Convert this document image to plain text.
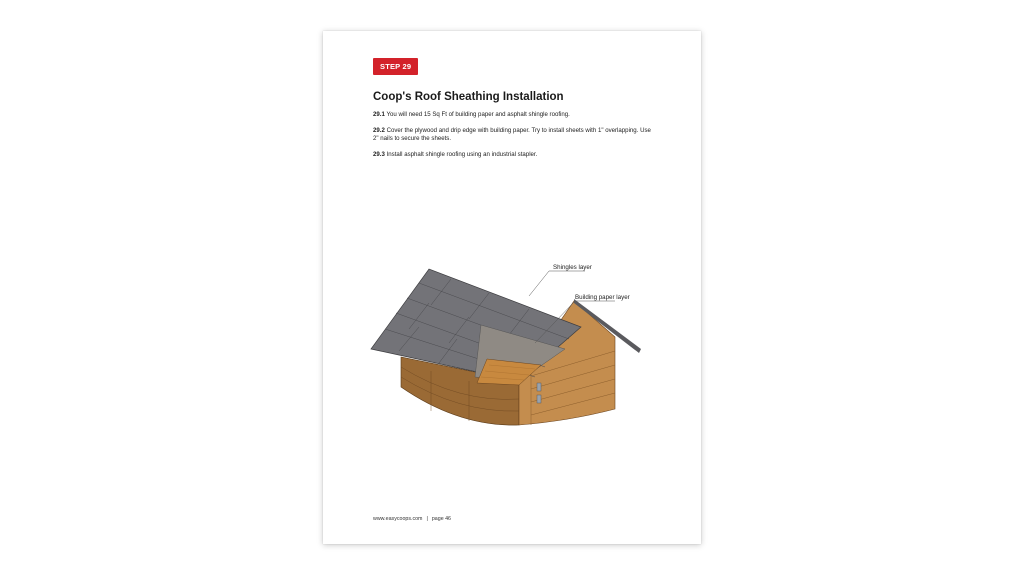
STEP 29
Coop's Roof Sheathing Installation

29.1 You will need 15 Sq Ft of building paper and asphalt shingle roofing.

29.2 Cover the plywood and drip edge with building paper. Try to install sheets with 1" overlapping. Use 2" nails to secure the sheets.

29.3 Install asphalt shingle roofing using an industrial stapler.

Shingles layer
Building paper layer
www.easycoops.com | page 46
